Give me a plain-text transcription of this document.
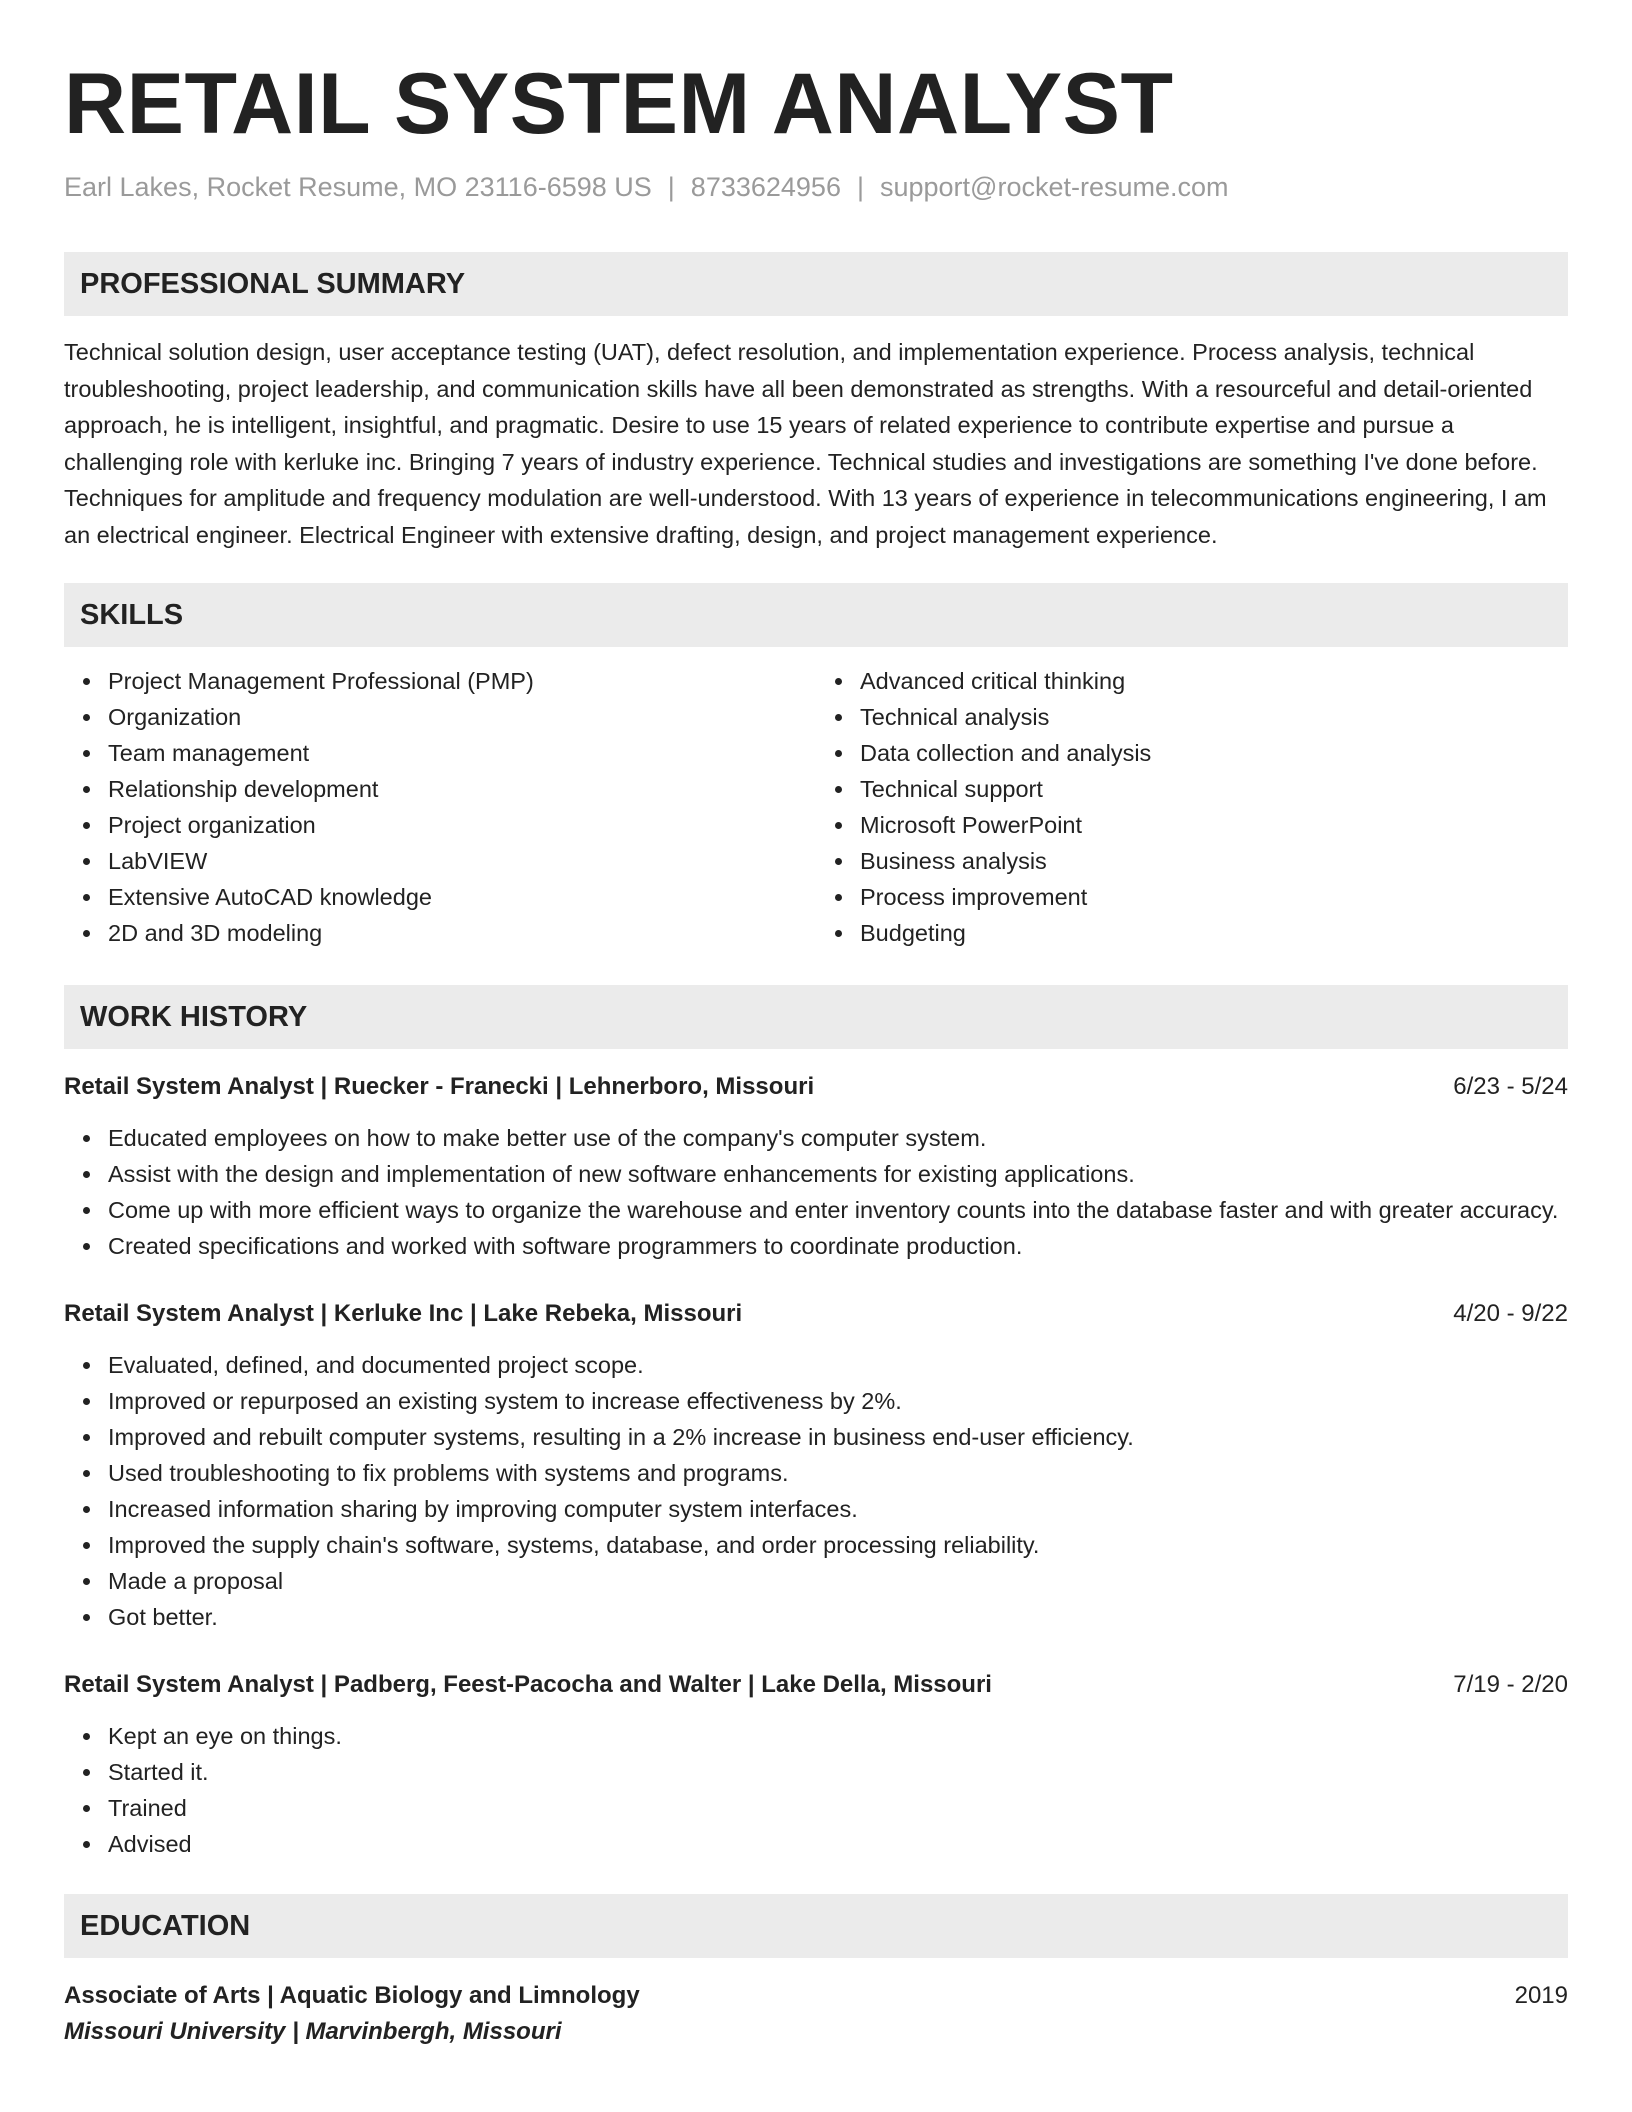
RETAIL SYSTEM ANALYST
Earl Lakes, Rocket Resume, MO 23116-6598 US | 8733624956 | support@rocket-resume.com
PROFESSIONAL SUMMARY

Technical solution design, user acceptance testing (UAT), defect resolution, and implementation experience. Process analysis, technical troubleshooting, project leadership, and communication skills have all been demonstrated as strengths. With a resourceful and detail-oriented approach, he is intelligent, insightful, and pragmatic. Desire to use 15 years of related experience to contribute expertise and pursue a challenging role with kerluke inc. Bringing 7 years of industry experience. Technical studies and investigations are something I've done before. Techniques for amplitude and frequency modulation are well-understood. With 13 years of experience in telecommunications engineering, I am an electrical engineer. Electrical Engineer with extensive drafting, design, and project management experience.

SKILLS
Project Management Professional (PMP)
Organization
Team management
Relationship development
Project organization
LabVIEW
Extensive AutoCAD knowledge
2D and 3D modeling
Advanced critical thinking
Technical analysis
Data collection and analysis
Technical support
Microsoft PowerPoint
Business analysis
Process improvement
Budgeting
WORK HISTORY
Retail System Analyst | Ruecker - Franecki | Lehnerboro, Missouri	6/23 - 5/24
Educated employees on how to make better use of the company's computer system.
Assist with the design and implementation of new software enhancements for existing applications.
Come up with more efficient ways to organize the warehouse and enter inventory counts into the database faster and with greater accuracy.
Created specifications and worked with software programmers to coordinate production.
Retail System Analyst | Kerluke Inc | Lake Rebeka, Missouri	4/20 - 9/22
Evaluated, defined, and documented project scope.
Improved or repurposed an existing system to increase effectiveness by 2%.
Improved and rebuilt computer systems, resulting in a 2% increase in business end-user efficiency.
Used troubleshooting to fix problems with systems and programs.
Increased information sharing by improving computer system interfaces.
Improved the supply chain's software, systems, database, and order processing reliability.
Made a proposal
Got better.
Retail System Analyst | Padberg, Feest-Pacocha and Walter | Lake Della, Missouri	7/19 - 2/20
Kept an eye on things.
Started it.
Trained
Advised
EDUCATION
Associate of Arts | Aquatic Biology and Limnology	2019
Missouri University | Marvinbergh, Missouri
